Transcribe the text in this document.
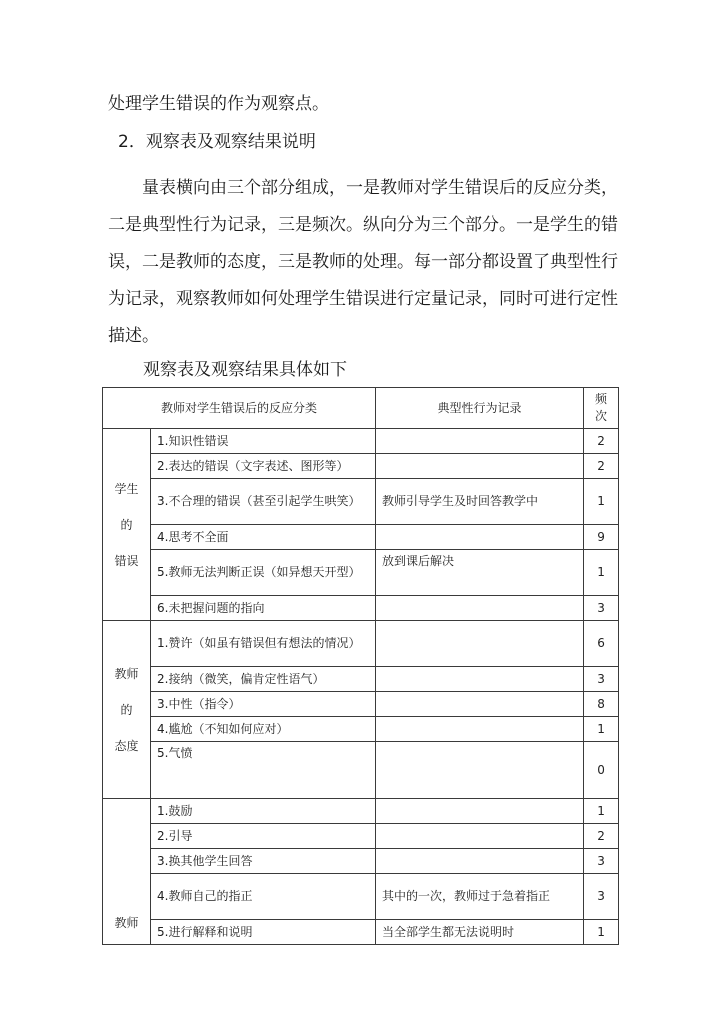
处理学生错误的作为观察点。
2．观察表及观察结果说明
量表横向由三个部分组成，一是教师对学生错误后的反应分类，二是典型性行为记录，三是频次。纵向分为三个部分。一是学生的错误，二是教师的态度，三是教师的处理。每一部分都设置了典型性行为记录，观察教师如何处理学生错误进行定量记录，同时可进行定性描述。
观察表及观察结果具体如下
教师对学生错误后的反应分类		典型性行为记录	频次

学生
的
错误	1.知识性错误		2
	2.表达的错误（文字表述、图形等）		2
	3.不合理的错误（甚至引起学生哄笑）	教师引导学生及时回答教学中	1
	4.思考不全面		9
	5.教师无法判断正误（如异想天开型）	放到课后解决	1
	6.未把握问题的指向		3

教师
的
态度	1.赞许（如虽有错误但有想法的情况）		6
	2.接纳（微笑，偏肯定性语气）		3
	3.中性（指令）		8
	4.尴尬（不知如何应对）		1
	5.气愤		0

教师	1.鼓励		1
	2.引导		2
	3.换其他学生回答		3
	4.教师自己的指正	其中的一次，教师过于急着指正	3
	5.进行解释和说明	当全部学生都无法说明时	1
